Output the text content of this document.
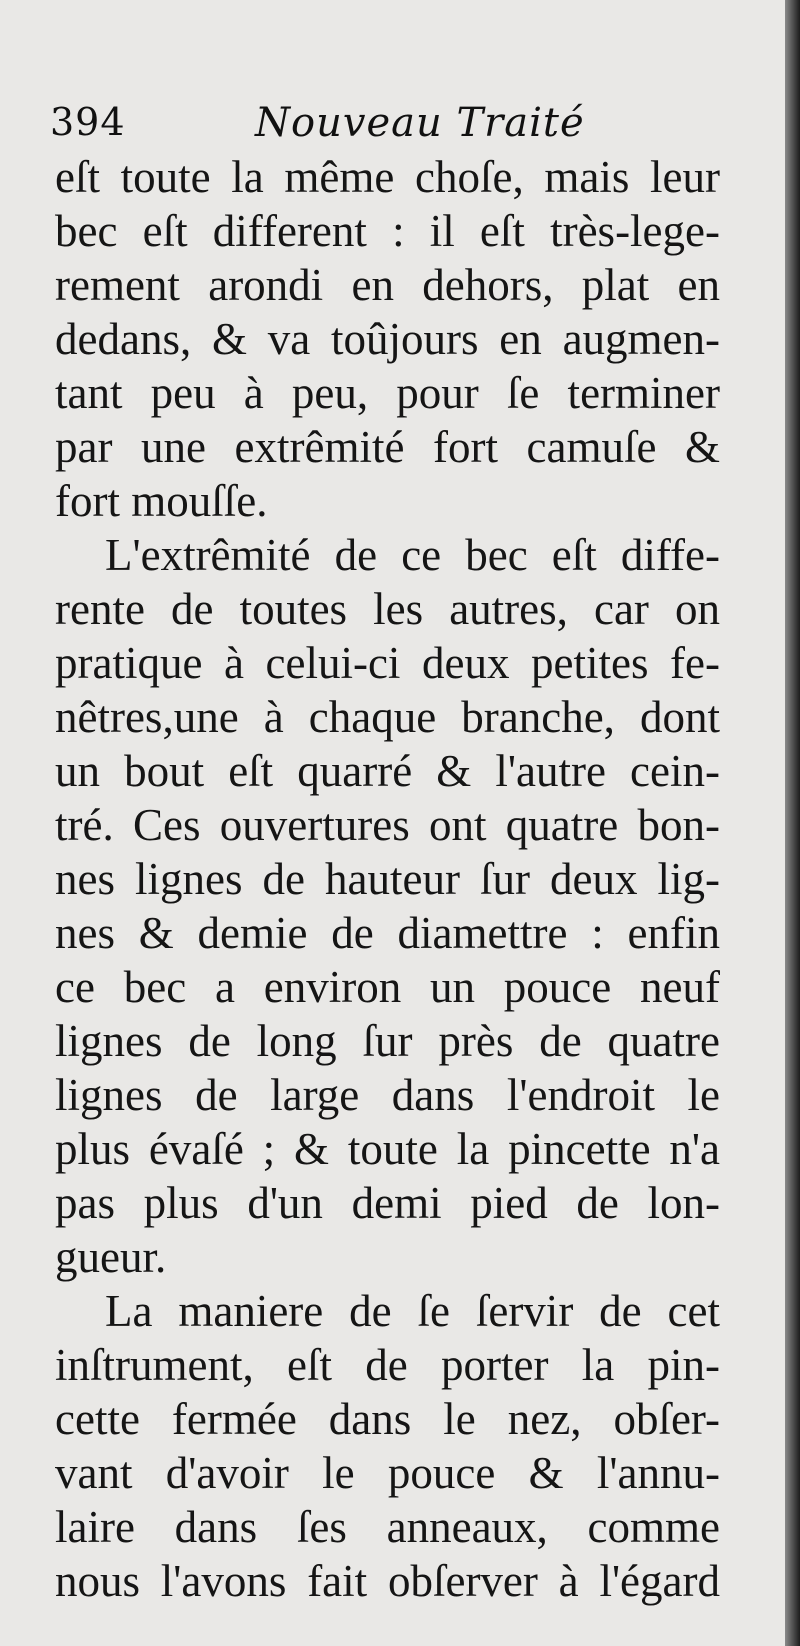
394	Nouveau Traité
eſt toute la même choſe, mais leur
bec eſt different : il eſt très-lege-
rement arondi en dehors, plat en
dedans, & va toûjours en augmen-
tant peu à peu, pour ſe terminer
par une extrêmité fort camuſe &
fort mouſſe.
L'extrêmité de ce bec eſt diffe-
rente de toutes les autres, car on
pratique à celui-ci deux petites fe-
nêtres,une à chaque branche, dont
un bout eſt quarré & l'autre cein-
tré. Ces ouvertures ont quatre bon-
nes lignes de hauteur ſur deux lig-
nes & demie de diamettre : enfin
ce bec a environ un pouce neuf
lignes de long ſur près de quatre
lignes de large dans l'endroit le
plus évaſé ; & toute la pincette n'a
pas plus d'un demi pied de lon-
gueur.
La maniere de ſe ſervir de cet
inſtrument, eſt de porter la pin-
cette fermée dans le nez, obſer-
vant d'avoir le pouce & l'annu-
laire dans ſes anneaux, comme
nous l'avons fait obſerver à l'égard
